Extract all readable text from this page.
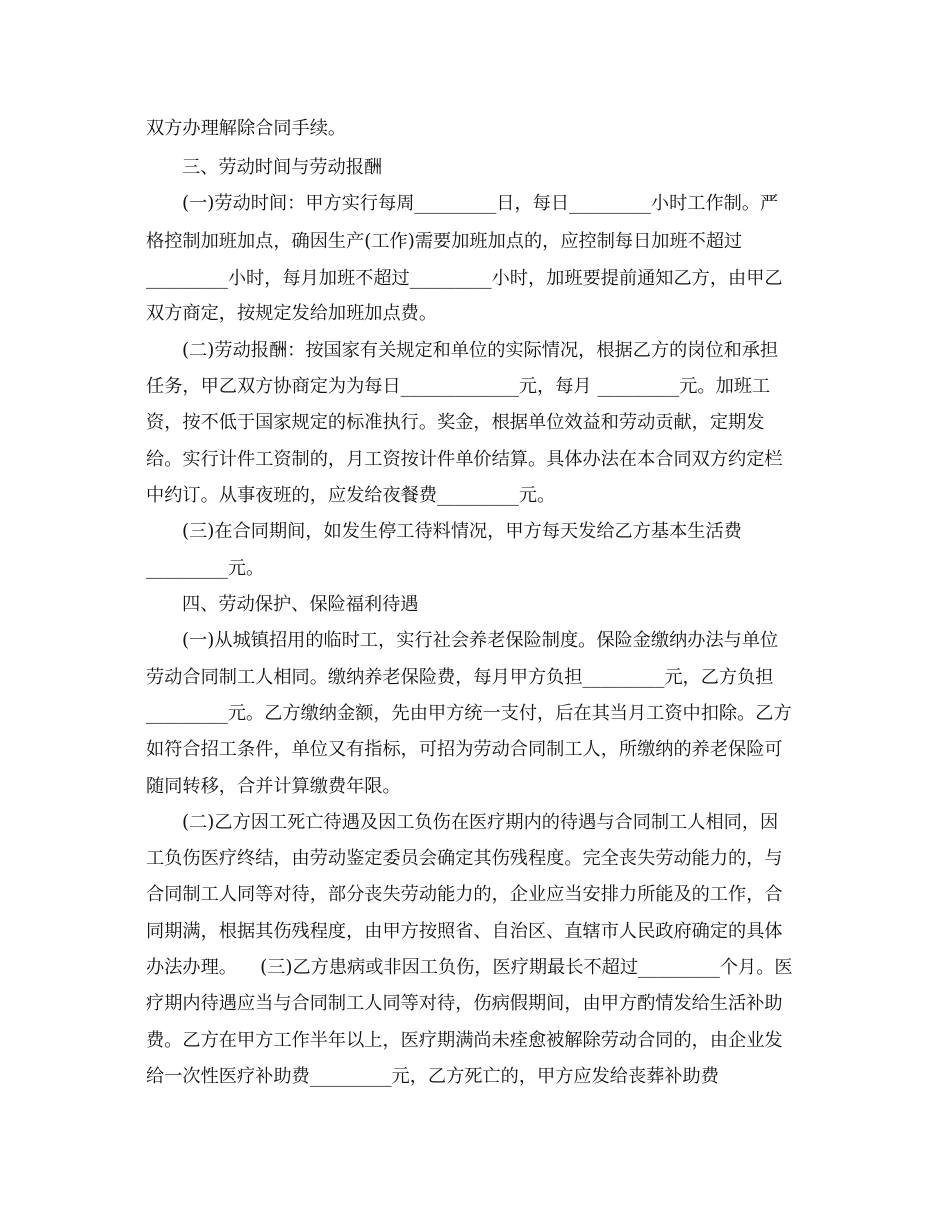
双方办理解除合同手续。
三、劳动时间与劳动报酬
(一)劳动时间：甲方实行每周_________日，每日_________小时工作制。严
格控制加班加点，确因生产(工作)需要加班加点的，应控制每日加班不超过
_________小时，每月加班不超过_________小时，加班要提前通知乙方，由甲乙
双方商定，按规定发给加班加点费。
(二)劳动报酬：按国家有关规定和单位的实际情况，根据乙方的岗位和承担
任务，甲乙双方协商定为为每日_____________元，每月 _________元。加班工
资，按不低于国家规定的标准执行。奖金，根据单位效益和劳动贡献，定期发
给。实行计件工资制的，月工资按计件单价结算。具体办法在本合同双方约定栏
中约订。从事夜班的，应发给夜餐费_________元。
(三)在合同期间，如发生停工待料情况，甲方每天发给乙方基本生活费
_________元。
四、劳动保护、保险福利待遇
(一)从城镇招用的临时工，实行社会养老保险制度。保险金缴纳办法与单位
劳动合同制工人相同。缴纳养老保险费，每月甲方负担_________元，乙方负担
_________元。乙方缴纳金额，先由甲方统一支付，后在其当月工资中扣除。乙方
如符合招工条件，单位又有指标，可招为劳动合同制工人，所缴纳的养老保险可
随同转移，合并计算缴费年限。
(二)乙方因工死亡待遇及因工负伤在医疗期内的待遇与合同制工人相同，因
工负伤医疗终结，由劳动鉴定委员会确定其伤残程度。完全丧失劳动能力的，与
合同制工人同等对待，部分丧失劳动能力的，企业应当安排力所能及的工作，合
同期满，根据其伤残程度，由甲方按照省、自治区、直辖市人民政府确定的具体
办法办理。    (三)乙方患病或非因工负伤，医疗期最长不超过_________个月。医
疗期内待遇应当与合同制工人同等对待，伤病假期间，由甲方酌情发给生活补助
费。乙方在甲方工作半年以上，医疗期满尚未痊愈被解除劳动合同的，由企业发
给一次性医疗补助费_________元，乙方死亡的，甲方应发给丧葬补助费
